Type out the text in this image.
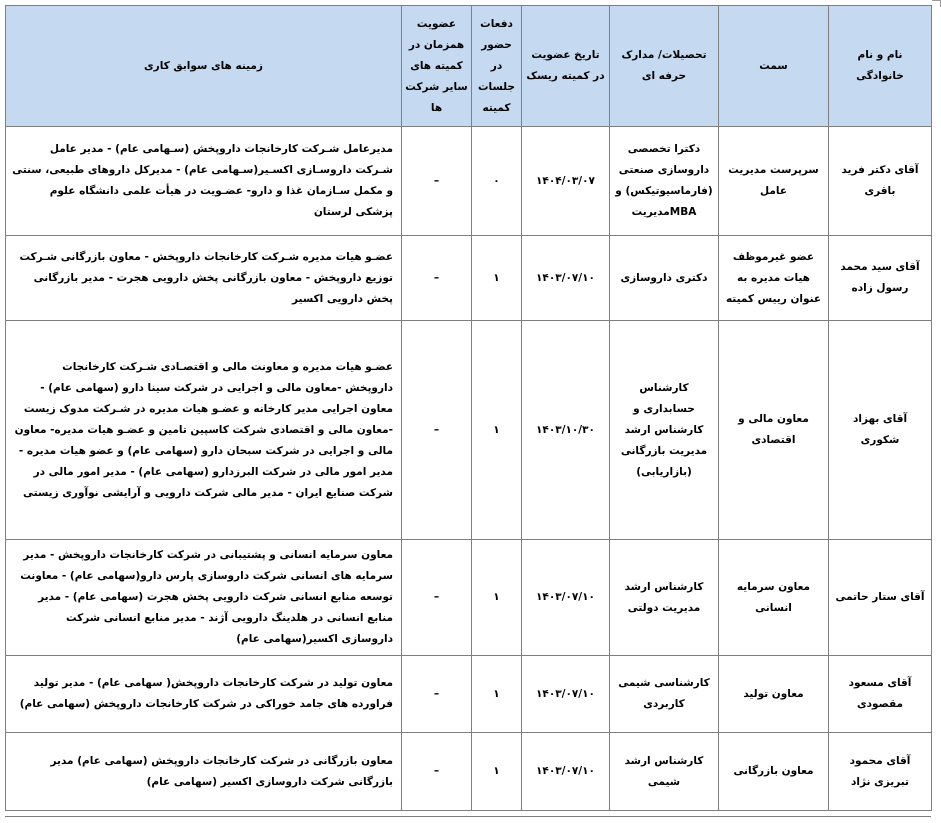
نام و نام خانوادگی	سمت	تحصیلات/ مدارک حرفه ای	تاریخ عضویت در کمیته ریسک	دفعات حضور در جلسات کمیته	عضویت همزمان در کمیته های سایر شرکت ها	زمینه های سوابق کاری
آقای دکتر فرید باقری	سرپرست مدیریت عامل	دکترا تخصصی داروسازی صنعتی (فارماسیوتیکس) و MBAمدیریت	۱۴۰۴/۰۳/۰۷	۰	–	مدیرعامل شـرکت کارخانجات داروپخش (سـهامی عام) - مدیر عامل شـرکت داروسـازی اکسـیر(سـهامی عام) - مدیرکل داروهای طبیعی، سنتی و مکمل سـازمان غذا و دارو- عضـویت در هیأت علمی دانشگاه علوم پزشکی لرستان
آقای سید محمد رسول زاده	عضو غیرموظف هیات مدیره به عنوان رییس کمیته	دکتری داروسازی	۱۴۰۳/۰۷/۱۰	۱	–	عضـو هیات مدیره شـرکت کارخانجات داروپخش - معاون بازرگانی شـرکت توزیع داروپخش - معاون بازرگانی پخش دارویی هجرت - مدیر بازرگانی پخش دارویی اکسیر
آقای بهزاد شکوری	معاون مالی و اقتصادی	کارشناس حسابداری و کارشناس ارشد مدیریت بازرگانی (بازاریابی)	۱۴۰۳/۱۰/۳۰	۱	–	عضـو هیات مدیره و معاونت مالی و اقتصـادی شـرکت کارخانجات داروپخش -معاون مالی و اجرایی در شرکت سینا دارو (سهامی عام) - معاون اجرایی مدیر کارخانه و عضـو هیات مدیره در شـرکت مدوک زیست -معاون مالی و اقتصادی شرکت کاسپین تامین و عضـو هیات مدیره- معاون مالی و اجرایی در شرکت سبحان دارو (سهامی عام) و عضو هیات مدیره - مدیر امور مالی در شرکت البرزدارو (سهامی عام) - مدیر امور مالی در شرکت صنایع ایران - مدیر مالی شرکت دارویی و آرایشی نوآوری زیستی
آقای ستار حاتمی	معاون سرمایه انسانی	کارشناس ارشد مدیریت دولتی	۱۴۰۳/۰۷/۱۰	۱	–	معاون سرمایه انسانی و پشتیبانی در شرکت کارخانجات داروپخش - مدیر سرمایه های انسانی شرکت داروسازی پارس دارو(سهامی عام) - معاونت توسعه منابع انسانی شرکت دارویی پخش هجرت (سهامی عام) - مدیر منابع انسانی در هلدینگ دارویی آژند - مدیر منابع انسانی شرکت داروسازی اکسیر(سهامی عام)
آقای مسعود مقصودی	معاون تولید	کارشناسی شیمی کاربردی	۱۴۰۳/۰۷/۱۰	۱	–	معاون تولید در شرکت کارخانجات داروپخش( سهامی عام) - مدیر تولید فراورده های جامد خوراکی در شرکت کارخانجات داروپخش (سهامی عام)
آقای محمود تبریزی نژاد	معاون بازرگانی	کارشناس ارشد شیمی	۱۴۰۳/۰۷/۱۰	۱	–	معاون بازرگانی در شرکت کارخانجات داروپخش (سهامی عام) مدیر بازرگانی شرکت داروسازی اکسیر (سهامی عام)
